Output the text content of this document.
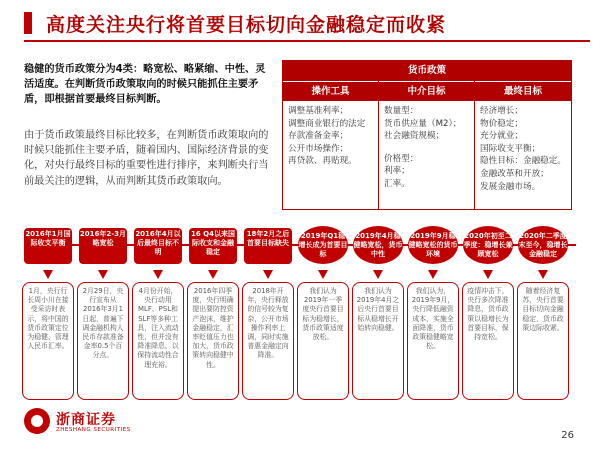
高度关注央行将首要目标切向金融稳定而收紧
稳健的货币政策分为4类：略宽松、略紧缩、中性、灵活适度。在判断货币政策取向的时候只能抓住主要矛盾，即根据首要最终目标判断。
由于货币政策最终目标比较多，在判断货币政策取向的时候只能抓住主要矛盾，随着国内、国际经济背景的变化，对央行最终目标的重要性进行排序，来判断央行当前最关注的逻辑，从而判断其货币政策取向。
货币政策
操作工具
调整基准利率；
调整商业银行的法定存款准备金率；
公开市场操作；
再贷款、再贴现。
中介目标
数量型：
货币供应量（M2）；
社会融资规模；
价格型：
利率；
汇率。
最终目标
经济增长；
物价稳定；
充分就业；
国际收支平衡；
隐性目标：金融稳定。
金融改革和开放；
发展金融市场。
2016年1月国际收支平衡
2016年2-3月略宽松
2016年4月以后最终目标不明
16 Q4以来国际收支和金融稳定
18年2月之后首要目标缺失
2019年Q1稳增长成为首要目标
2019年4月稳健略宽松，货币中性
2019年9月稳健略宽松的货币环境
2020年初至二季度：稳增长兼顾宽松
2020年二季度末至今，稳增长金融稳定
1月，央行行长周小川在接受采访时表示，将中国的货币政策定位为稳健，管理人民币汇率。
2月29日，央行宣布从2016年3月1日起，普遍下调金融机构人民币存款准备金率0.5个百分点。
4月份开始，央行动用MLF、PSL和SLF等多种工具，注入流动性，但并没有降准降息，以保持流动性合理充裕。
2016年四季度，央行明确提出要防控资产泡沫，维护金融稳定，汇率贬值压力也加大，货币政策转向稳健中性。
2018年开年，央行释放的信号较为复杂，公开市场操作利率上调，同时实施普惠金融定向降准。
我们认为2019年一季度央行首要目标为稳增长，货币政策适度放松。
我们认为2019年4月之后央行首要目标从稳增长开始转向稳健。
我们认为，2019年9月，央行降低融资成本，实施全面降准，货币政策稳健略宽松。
疫情冲击下，央行多次降准降息，货币政策以稳增长为首要目标，保持宽松。
随着经济复苏，央行首要目标切向金融稳定，货币政策边际收紧。
浙商证券
ZHESHANG SECURITIES	26
